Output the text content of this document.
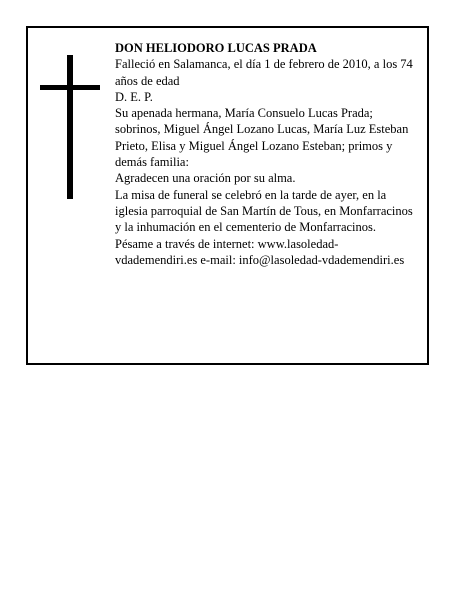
DON HELIODORO LUCAS PRADA

Falleció en Salamanca, el día 1 de febrero de 2010, a los 74 años de edad

D. E. P.

Su apenada hermana, María Consuelo Lucas Prada; sobrinos, Miguel Ángel Lozano Lucas, María Luz Esteban Prieto, Elisa y Miguel Ángel Lozano Esteban; primos y demás familia:

Agradecen una oración por su alma.

La misa de funeral se celebró en la tarde de ayer, en la iglesia parroquial de San Martín de Tous, en Monfarracinos y la inhumación en el cementerio de Monfarracinos.

Pésame a través de internet: www.lasoledad-vdademendiri.es e-mail: info@lasoledad-vdademendiri.es
